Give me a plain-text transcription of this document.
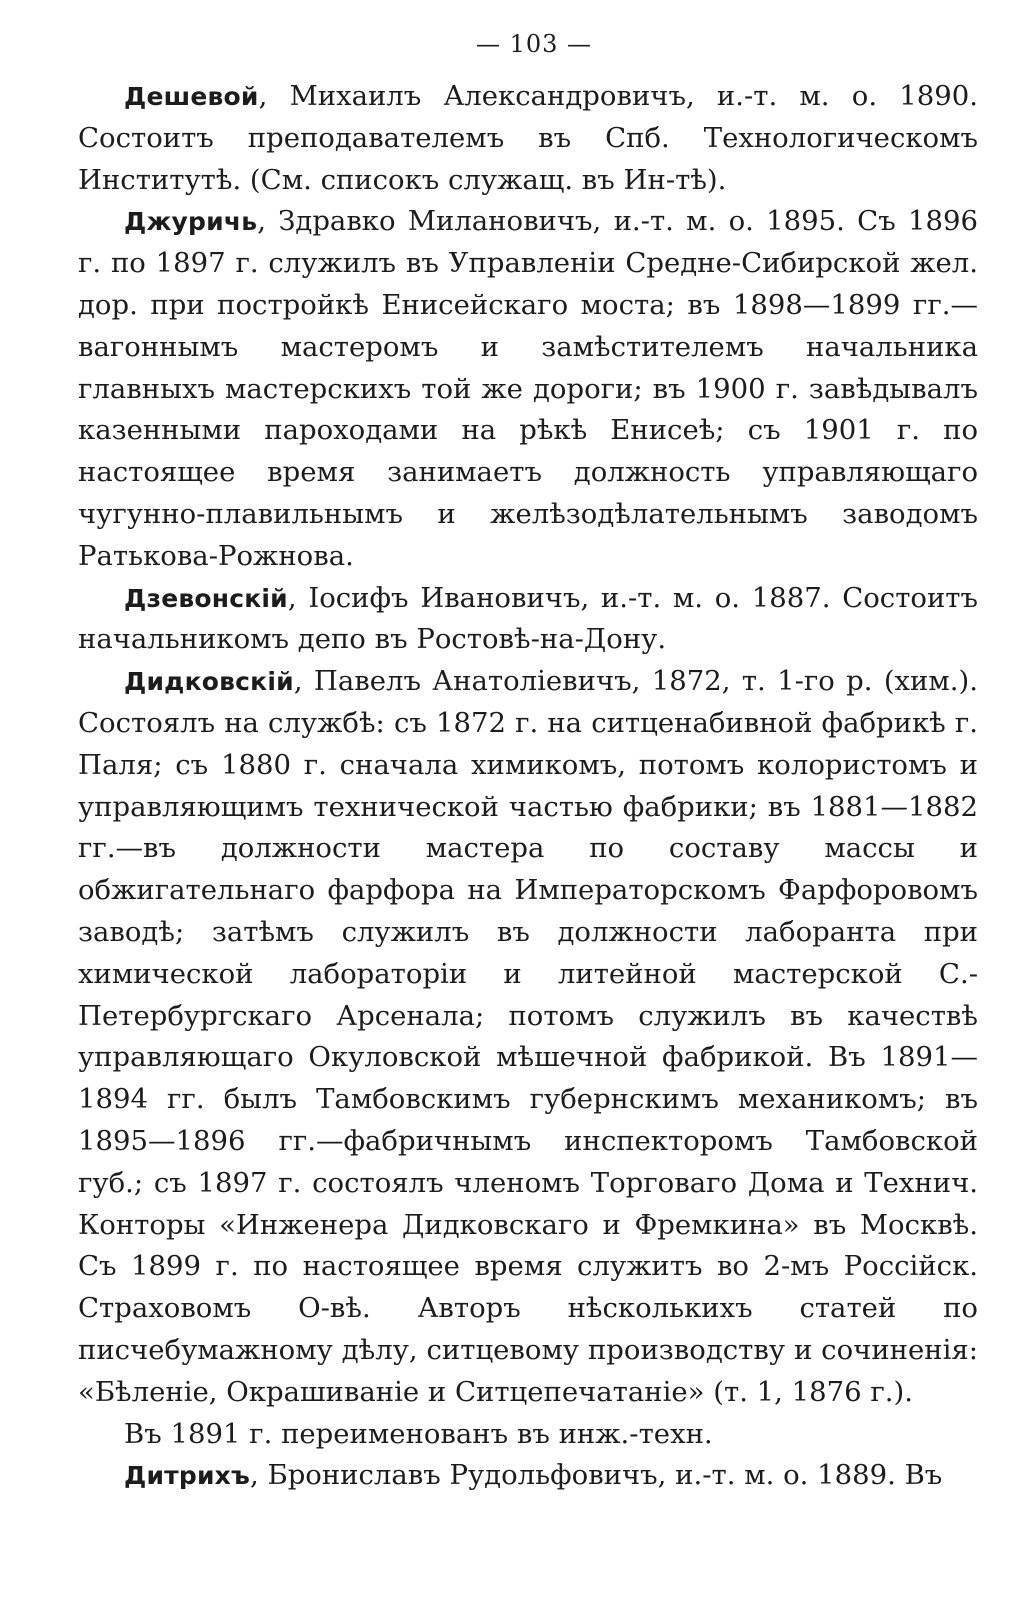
— 103 —

Дешевой, Михаилъ Александровичъ, и.-т. м. о. 1890. Состоитъ преподавателемъ въ Спб. Технологическомъ Институтѣ. (См. списокъ служащ. въ Ин-тѣ).

Джуричь, Здравко Милановичъ, и.-т. м. о. 1895. Съ 1896 г. по 1897 г. служилъ въ Управленіи Средне-Сибирской жел. дор. при постройкѣ Енисейскаго моста; въ 1898—1899 гг.— вагоннымъ мастеромъ и замѣстителемъ начальника главныхъ мастерскихъ той же дороги; въ 1900 г. завѣдывалъ казенными пароходами на рѣкѣ Енисеѣ; съ 1901 г. по настоящее время занимаетъ должность управляющаго чугунно-плавильнымъ и желѣзодѣлательнымъ заводомъ Ратькова-Рожнова.

Дзевонскій, Іосифъ Ивановичъ, и.-т. м. о. 1887. Состоитъ начальникомъ депо въ Ростовѣ-на-Дону.

Дидковскій, Павелъ Анатоліевичъ, 1872, т. 1-го р. (хим.). Состоялъ на службѣ: съ 1872 г. на ситценабивной фабрикѣ г. Паля; съ 1880 г. сначала химикомъ, потомъ колористомъ и управляющимъ технической частью фабрики; въ 1881—1882 гг.—въ должности мастера по составу массы и обжигательнаго фарфора на Императорскомъ Фарфоровомъ заводѣ; затѣмъ служилъ въ должности лаборанта при химической лабораторіи и литейной мастерской С.-Петербургскаго Арсенала; потомъ служилъ въ качествѣ управляющаго Окуловской мѣшечной фабрикой. Въ 1891—1894 гг. былъ Тамбовскимъ губернскимъ механикомъ; въ 1895—1896 гг.—фабричнымъ инспекторомъ Тамбовской губ.; съ 1897 г. состоялъ членомъ Торговаго Дома и Технич. Конторы «Инженера Дидковскаго и Фремкина» въ Москвѣ. Съ 1899 г. по настоящее время служитъ во 2-мъ Россійск. Страховомъ О-вѣ. Авторъ нѣсколькихъ статей по писчебумажному дѣлу, ситцевому производству и сочиненія: «Бѣленіе, Окрашиваніе и Ситцепечатаніе» (т. 1, 1876 г.).

Въ 1891 г. переименованъ въ инж.-техн.

Дитрихъ, Брониславъ Рудольфовичъ, и.-т. м. о. 1889. Въ
